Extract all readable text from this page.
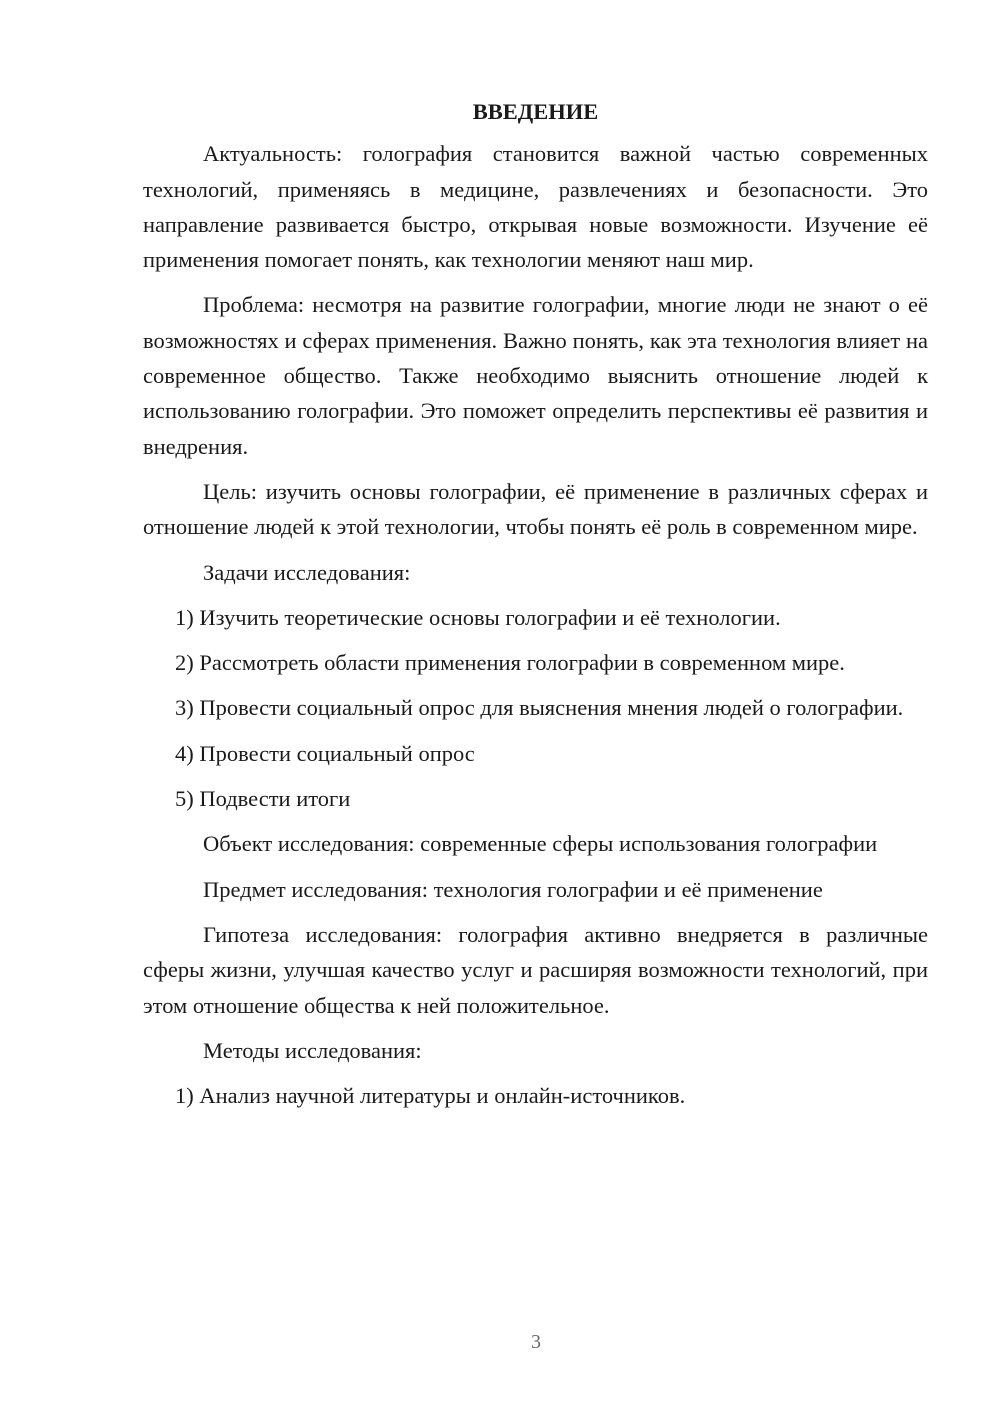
ВВЕДЕНИЕ

Актуальность: голография становится важной частью современных технологий, применяясь в медицине, развлечениях и безопасности. Это направление развивается быстро, открывая новые возможности. Изучение её применения помогает понять, как технологии меняют наш мир.

Проблема: несмотря на развитие голографии, многие люди не знают о её возможностях и сферах применения. Важно понять, как эта технология влияет на современное общество. Также необходимо выяснить отношение людей к использованию голографии. Это поможет определить перспективы её развития и внедрения.

Цель: изучить основы голографии, её применение в различных сферах и отношение людей к этой технологии, чтобы понять её роль в современном мире.

Задачи исследования:

1) Изучить теоретические основы голографии и её технологии.

2) Рассмотреть области применения голографии в современном мире.

3) Провести социальный опрос для выяснения мнения людей о голографии.

4) Провести социальный опрос

5) Подвести итоги

Объект исследования: современные сферы использования голографии

Предмет исследования: технология голографии и её применение

Гипотеза исследования: голография активно внедряется в различные сферы жизни, улучшая качество услуг и расширяя возможности технологий, при этом отношение общества к ней положительное.

Методы исследования:

1) Анализ научной литературы и онлайн-источников.

3
